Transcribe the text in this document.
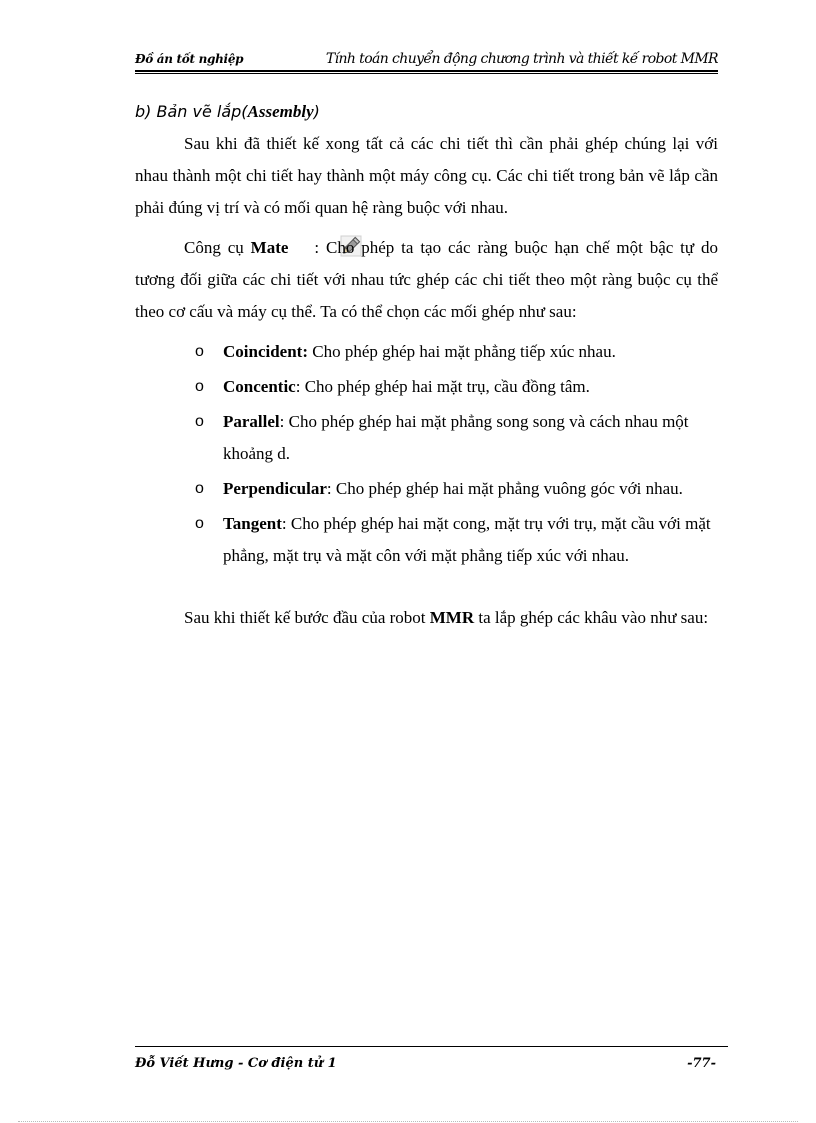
Đồ án tốt nghiệp	Tính toán chuyển động chương trình và thiết kế robot MMR

b) Bản vẽ lắp(Assembly)

Sau khi đã thiết kế xong tất cả các chi tiết thì cần phải ghép chúng lại với nhau thành một chi tiết hay thành một máy công cụ. Các chi tiết trong bản vẽ lắp cần phải đúng vị trí và có mối quan hệ ràng buộc với nhau.

Công cụ Mate : Cho phép ta tạo các ràng buộc hạn chế một bậc tự do tương đối giữa các chi tiết với nhau tức ghép các chi tiết theo một ràng buộc cụ thể theo cơ cấu và máy cụ thể. Ta có thể chọn các mối ghép như sau:

o Coincident: Cho phép ghép hai mặt phẳng tiếp xúc nhau.
o Concentic: Cho phép ghép hai mặt trụ, cầu đồng tâm.
o Parallel: Cho phép ghép hai mặt phẳng song song và cách nhau một khoảng d.
o Perpendicular: Cho phép ghép hai mặt phẳng vuông góc với nhau.
o Tangent: Cho phép ghép hai mặt cong, mặt trụ với trụ, mặt cầu với mặt phẳng, mặt trụ và mặt côn với mặt phẳng tiếp xúc với nhau.

Sau khi thiết kế bước đầu của robot MMR ta lắp ghép các khâu vào như sau:

Đỗ Viết Hưng - Cơ điện tử 1	-77-
